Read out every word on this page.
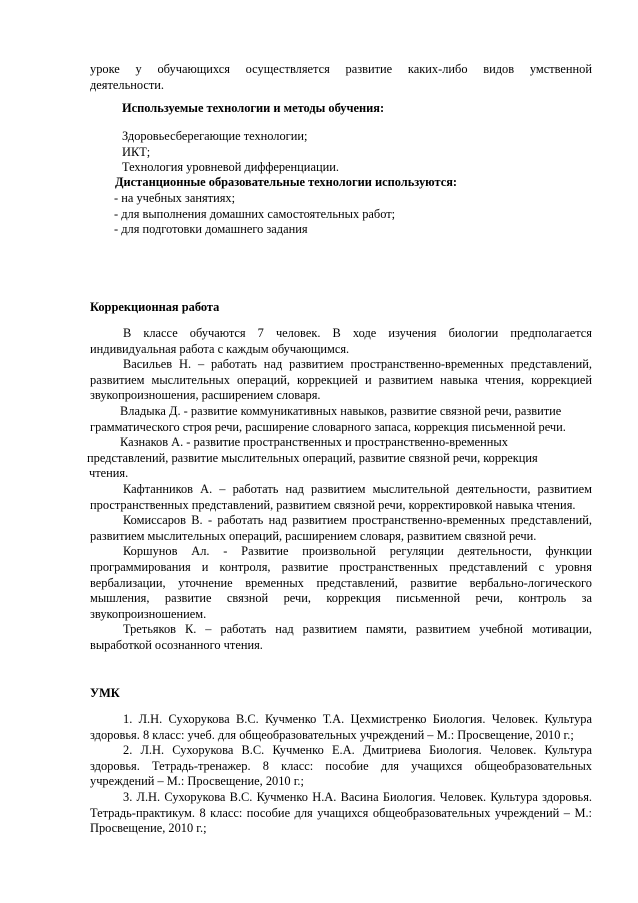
уроке у обучающихся осуществляется развитие каких-либо видов умственной
деятельности.
Используемые технологии и методы обучения:
Здоровьесберегающие технологии;
ИКТ;
Технология уровневой дифференциации.
Дистанционные образовательные технологии используются:
- на учебных занятиях;
- для выполнения домашних самостоятельных работ;
- для подготовки домашнего задания
Коррекционная работа

В классе обучаются 7 человек. В ходе изучения биологии предполагается индивидуальная работа с каждым обучающимся.

Васильев Н. – работать над развитием пространственно-временных представлений, развитием мыслительных операций, коррекцией и развитием навыка чтения, коррекцией звукопроизношения, расширением словаря.

Владыка Д. - развитие коммуникативных навыков, развитие связной речи, развитие
грамматического строя речи, расширение словарного запаса, коррекция письменной речи.
Казнаков А. - развитие пространственных и пространственно-временных
представлений, развитие мыслительных операций, развитие связной речи, коррекция
чтения.

Кафтанников А. – работать над развитием мыслительной деятельности, развитием пространственных представлений, развитием связной речи, корректировкой навыка чтения.

Комиссаров В. - работать над развитием пространственно-временных представлений, развитием мыслительных операций, расширением словаря, развитием связной речи.

Коршунов Ал. - Развитие произвольной регуляции деятельности, функции программирования и контроля, развитие пространственных представлений с уровня вербализации, уточнение временных представлений, развитие вербально-логического мышления, развитие связной речи, коррекция письменной речи, контроль за звукопроизношением.

Третьяков К. – работать над развитием памяти, развитием учебной мотивации, выработкой осознанного чтения.

УМК

1. Л.Н. Сухорукова В.С. Кучменко Т.А. Цехмистренко Биология. Человек. Культура здоровья. 8 класс: учеб. для общеобразовательных учреждений – М.: Просвещение, 2010 г.;

2. Л.Н. Сухорукова В.С. Кучменко Е.А. Дмитриева Биология. Человек. Культура здоровья. Тетрадь-тренажер. 8 класс: пособие для учащихся общеобразовательных учреждений – М.: Просвещение, 2010 г.;

3. Л.Н. Сухорукова В.С. Кучменко Н.А. Васина Биология. Человек. Культура здоровья. Тетрадь-практикум. 8 класс: пособие для учащихся общеобразовательных учреждений – М.: Просвещение, 2010 г.;
